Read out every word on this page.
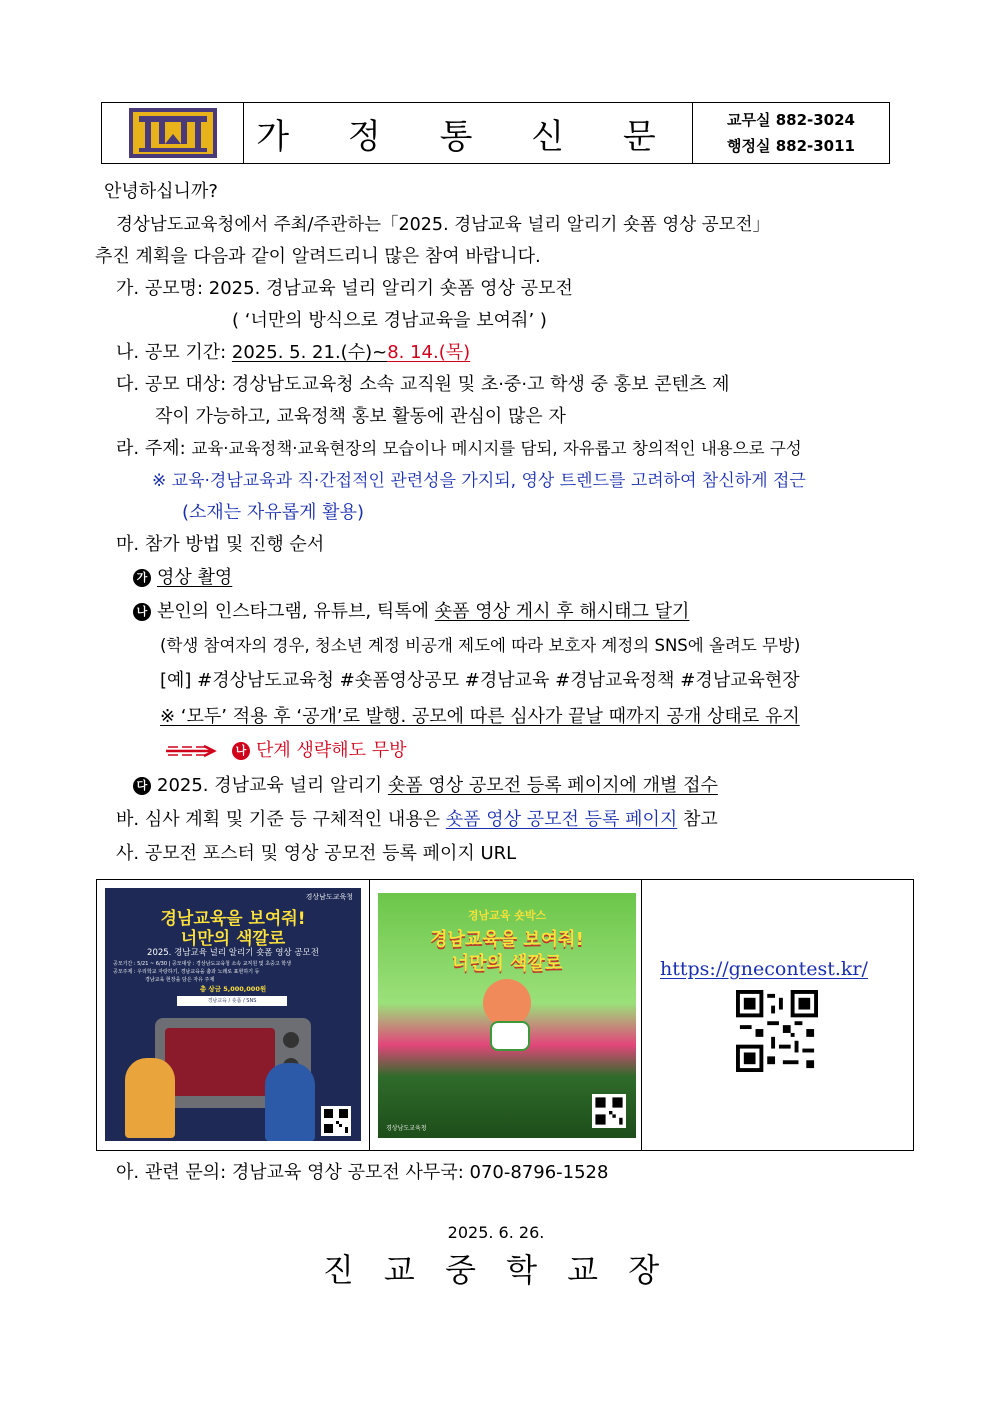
가 정 통 신 문	교무실 882-3024
행정실 882-3011
안녕하십니까?
경상남도교육청에서 주최/주관하는「2025. 경남교육 널리 알리기 숏폼 영상 공모전」
추진 계획을 다음과 같이 알려드리니 많은 참여 바랍니다.
가. 공모명: 2025. 경남교육 널리 알리기 숏폼 영상 공모전
( ‘너만의 방식으로 경남교육을 보여줘’ )
나. 공모 기간: 2025. 5. 21.(수)~8. 14.(목)
다. 공모 대상: 경상남도교육청 소속 교직원 및 초·중·고 학생 중 홍보 콘텐츠 제
작이 가능하고, 교육정책 홍보 활동에 관심이 많은 자
라. 주제: 교육·교육정책·교육현장의 모습이나 메시지를 담되, 자유롭고 창의적인 내용으로 구성
※ 교육·경남교육과 직·간접적인 관련성을 가지되, 영상 트렌드를 고려하여 참신하게 접근
(소재는 자유롭게 활용)
마. 참가 방법 및 진행 순서
가 영상 촬영
나 본인의 인스타그램, 유튜브, 틱톡에 숏폼 영상 게시 후 해시태그 달기
(학생 참여자의 경우, 청소년 계정 비공개 제도에 따라 보호자 계정의 SNS에 올려도 무방)
[예] #경상남도교육청 #숏폼영상공모 #경남교육 #경남교육정책 #경남교육현장
※ ‘모두’ 적용 후 ‘공개’로 발행. 공모에 따른 심사가 끝날 때까지 공개 상태로 유지
나 단계 생략해도 무방
다 2025. 경남교육 널리 알리기 숏폼 영상 공모전 등록 페이지에 개별 접수
바. 심사 계획 및 기준 등 구체적인 내용은 숏폼 영상 공모전 등록 페이지 참고
사. 공모전 포스터 및 영상 공모전 등록 페이지 URL
경상남도교육청
경남교육을 보여줘!
너만의 색깔로
2025. 경남교육 널리 알리기 숏폼 영상 공모전
공모기간 : 5/21 ~ 6/30 | 공모대상 : 경상남도교육청 소속 교직원 및 초중고 학생
공모주제 : 우리학교 자랑하기, 경남교육을 춤과 노래로 표현하기 등
경남교육 현장을 담은 자유 주제
총 상금 5,000,000원
경남교육 / 숏폼 / SNS
경남교육 숏박스
경남교육을 보여줘!
너만의 색깔로
경상남도교육청
https://gnecontest.kr/
아. 관련 문의: 경남교육 영상 공모전 사무국: 070-8796-1528
2025. 6. 26.
진 교 중 학 교 장
